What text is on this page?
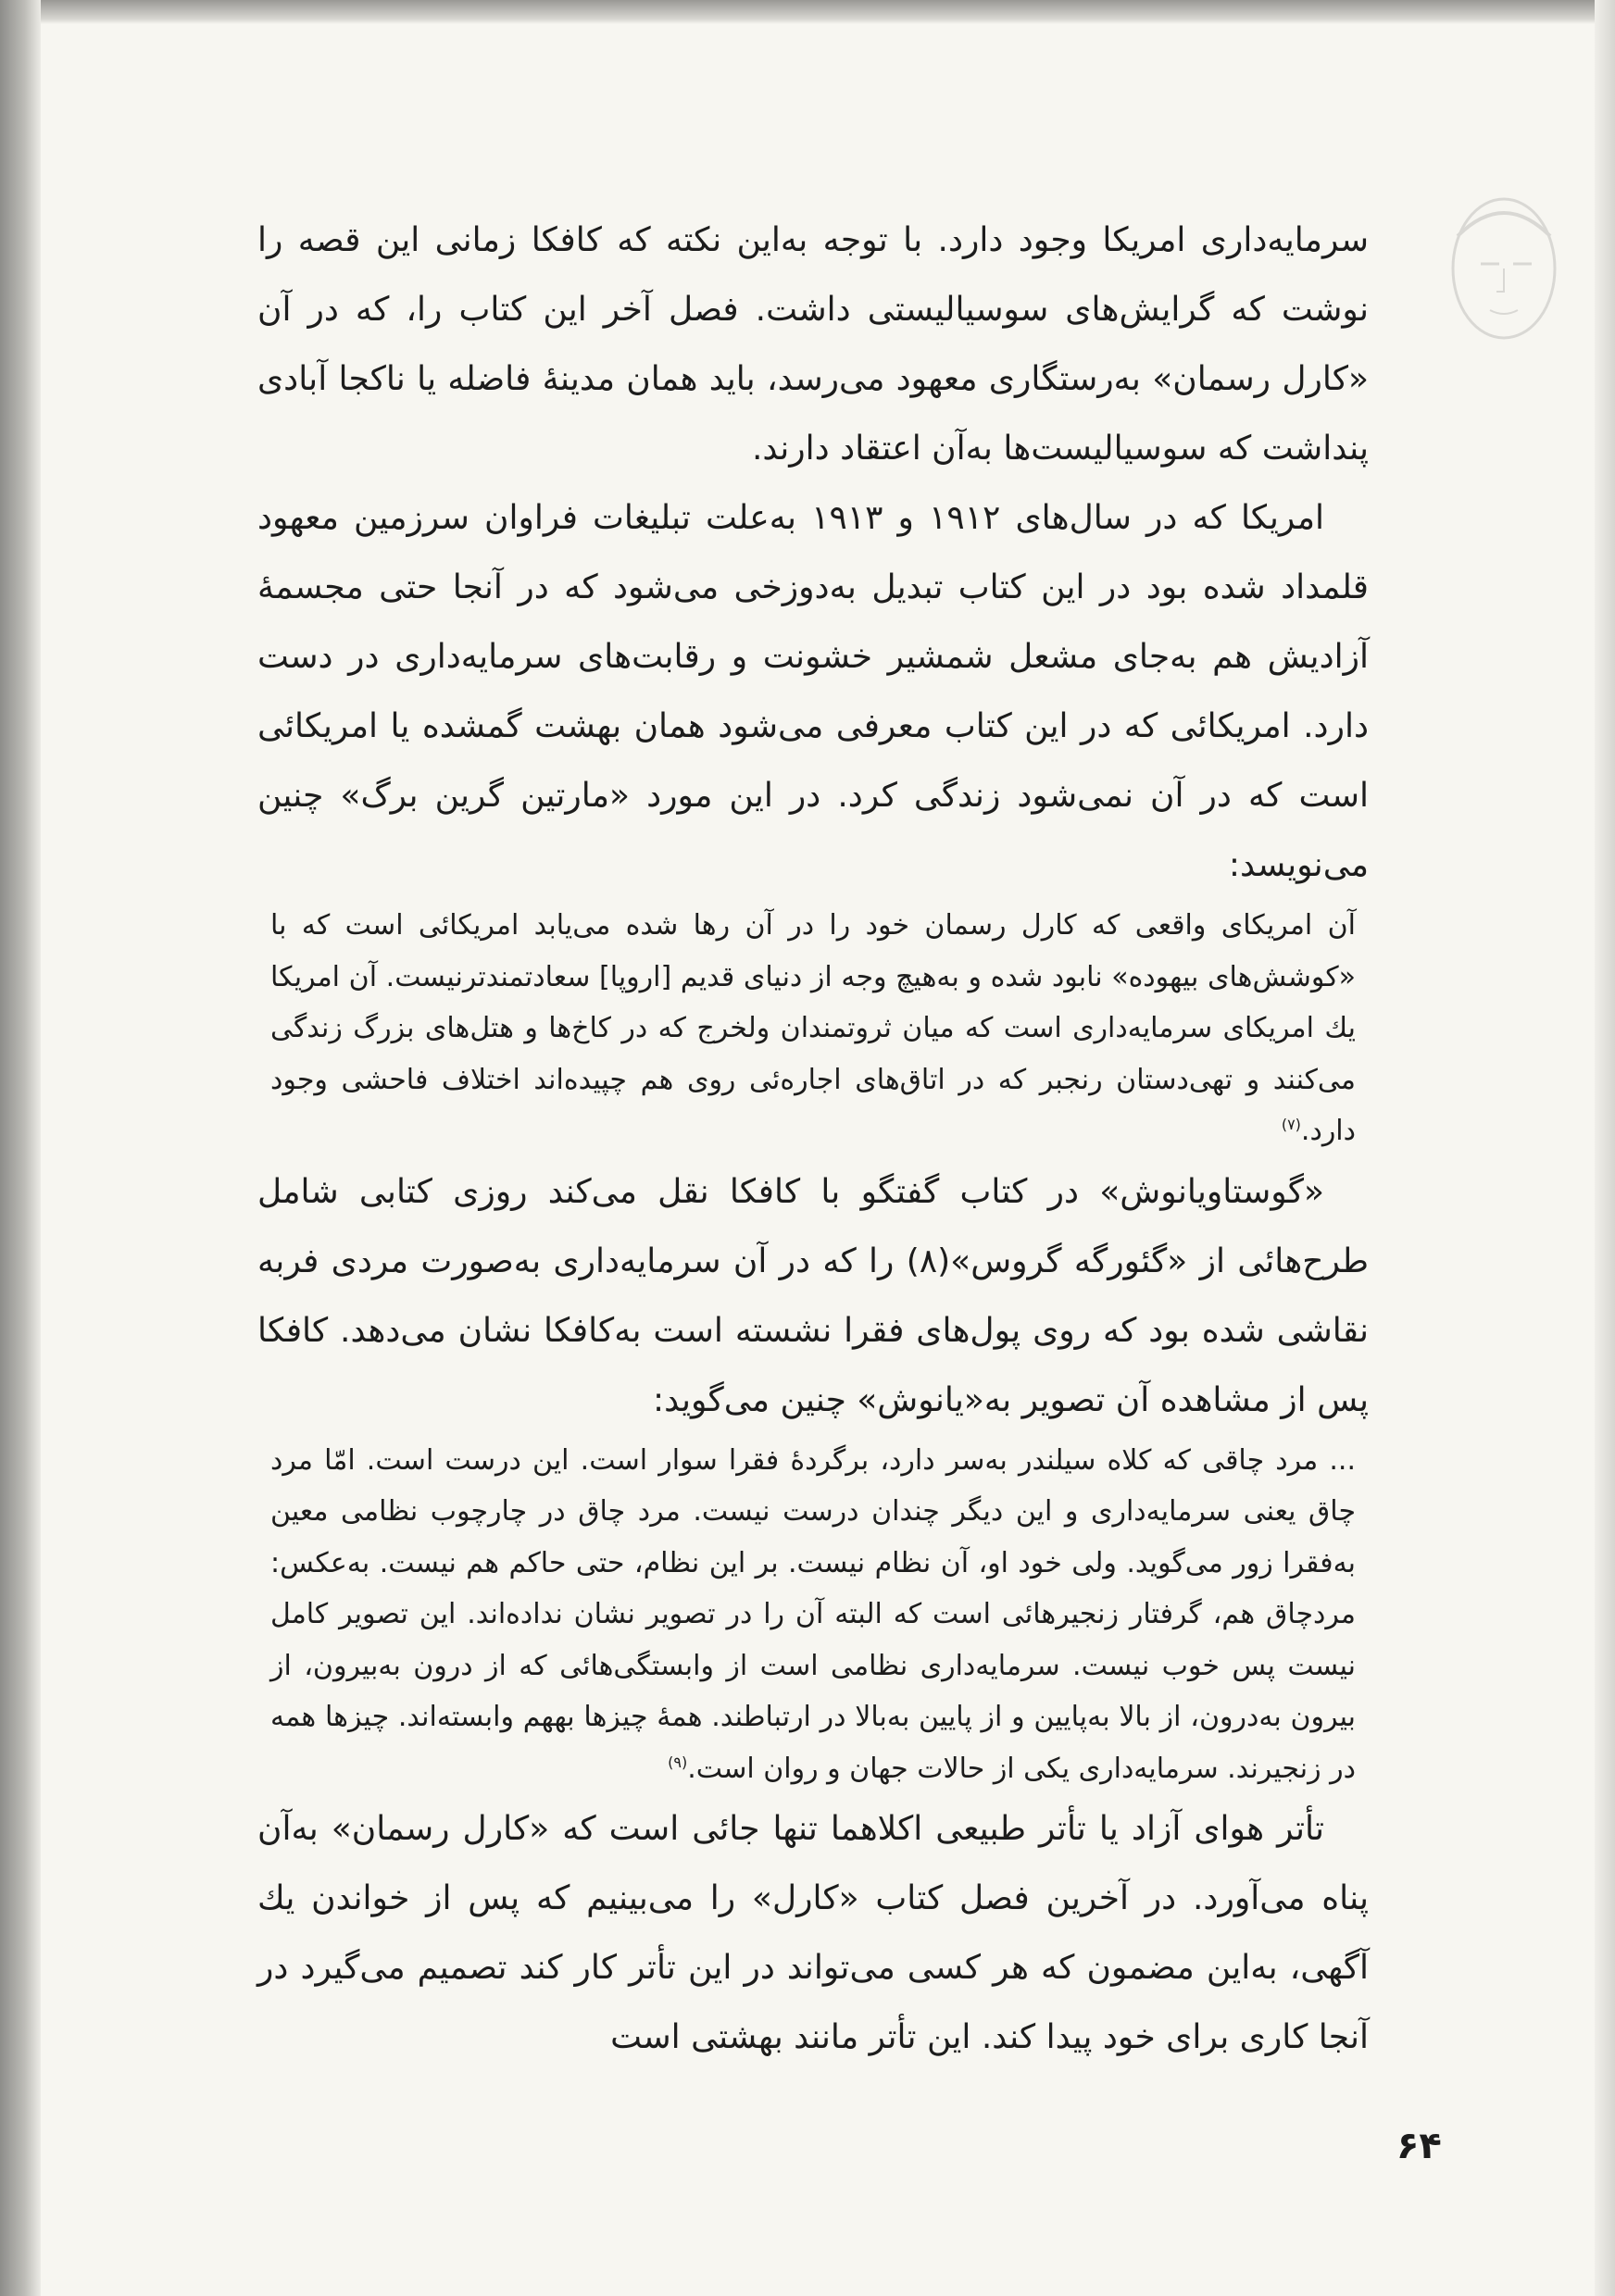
سرمایه‌داری امریکا وجود دارد. با توجه به‌این نکته که کافکا زمانی این قصه را نوشت که گرایش‌های سوسیالیستی داشت. فصل آخر این کتاب را، که در آن «کارل رسمان» به‌رستگاری معهود می‌رسد، باید همان مدینهٔ فاضله یا ناکجا آبادی پنداشت که سوسیالیست‌ها به‌آن اعتقاد دارند.

امریکا که در سال‌های ۱۹۱۲ و ۱۹۱۳ به‌علت تبلیغات فراوان سرزمین معهود قلمداد شده بود در این کتاب تبدیل به‌دوزخی می‌شود که در آنجا حتی مجسمهٔ آزادیش هم به‌جای مشعل شمشیر خشونت و رقابت‌های سرمایه‌داری در دست دارد. امریکائی که در این کتاب معرفی می‌شود همان بهشت گمشده یا امریکائی است که در آن نمی‌شود زندگی کرد. در این مورد «مارتین گرین برگ» چنین می‌نویسد:

آن امریکای واقعی که کارل رسمان خود را در آن رها شده می‌یابد امریکائی است که با «کوشش‌های بیهوده» نابود شده و به‌هیچ وجه از دنیای قدیم [اروپا] سعادتمندترنیست. آن امریکا یك امریکای سرمایه‌داری است که میان ثروتمندان ولخرج که در کاخ‌ها و هتل‌های بزرگ زندگی می‌کنند و تهی‌دستان رنجبر که در اتاق‌های اجاره‌ئی روی هم چپیده‌اند اختلاف فاحشی وجود دارد.$^{(۷)}$

«گوستاویانوش» در کتاب گفتگو با کافکا نقل می‌کند روزی کتابی شامل طرح‌هائی از «گئورگه گروس»(۸) را که در آن سرمایه‌داری به‌صورت مردی فربه نقاشی شده بود که روی پول‌های فقرا نشسته است به‌کافکا نشان می‌دهد. کافکا پس از مشاهده آن تصویر به«یانوش» چنین می‌گوید:

... مرد چاقی که کلاه سیلندر به‌سر دارد، برگردهٔ فقرا سوار است. این درست است. امّا مرد چاق یعنی سرمایه‌داری و این دیگر چندان درست نیست. مرد چاق در چارچوب نظامی معین به‌فقرا زور می‌گوید. ولی خود او، آن نظام نیست. بر این نظام، حتی حاکم هم نیست. به‌عکس: مردچاق هم، گرفتار زنجیرهائی است که البته آن را در تصویر نشان نداده‌اند. این تصویر کامل نیست پس خوب نیست. سرمایه‌داری نظامی است از وابستگی‌هائی که از درون به‌بیرون، از بیرون به‌درون، از بالا به‌پایین و از پایین به‌بالا در ارتباطند. همهٔ چیزها بههم وابسته‌اند. چیزها همه در زنجیرند. سرمایه‌داری یکی از حالات جهان و روان است.$^{(۹)}$

تأتر هوای آزاد یا تأتر طبیعی اکلاهما تنها جائی است که «کارل رسمان» به‌آن پناه می‌آورد. در آخرین فصل کتاب «کارل» را می‌بینیم که پس از خواندن یك آگهی، به‌این مضمون که هر کسی می‌تواند در این تأتر کار کند تصمیم می‌گیرد در آنجا کاری برای خود پیدا کند. این تأتر مانند بهشتی است

۶۴
